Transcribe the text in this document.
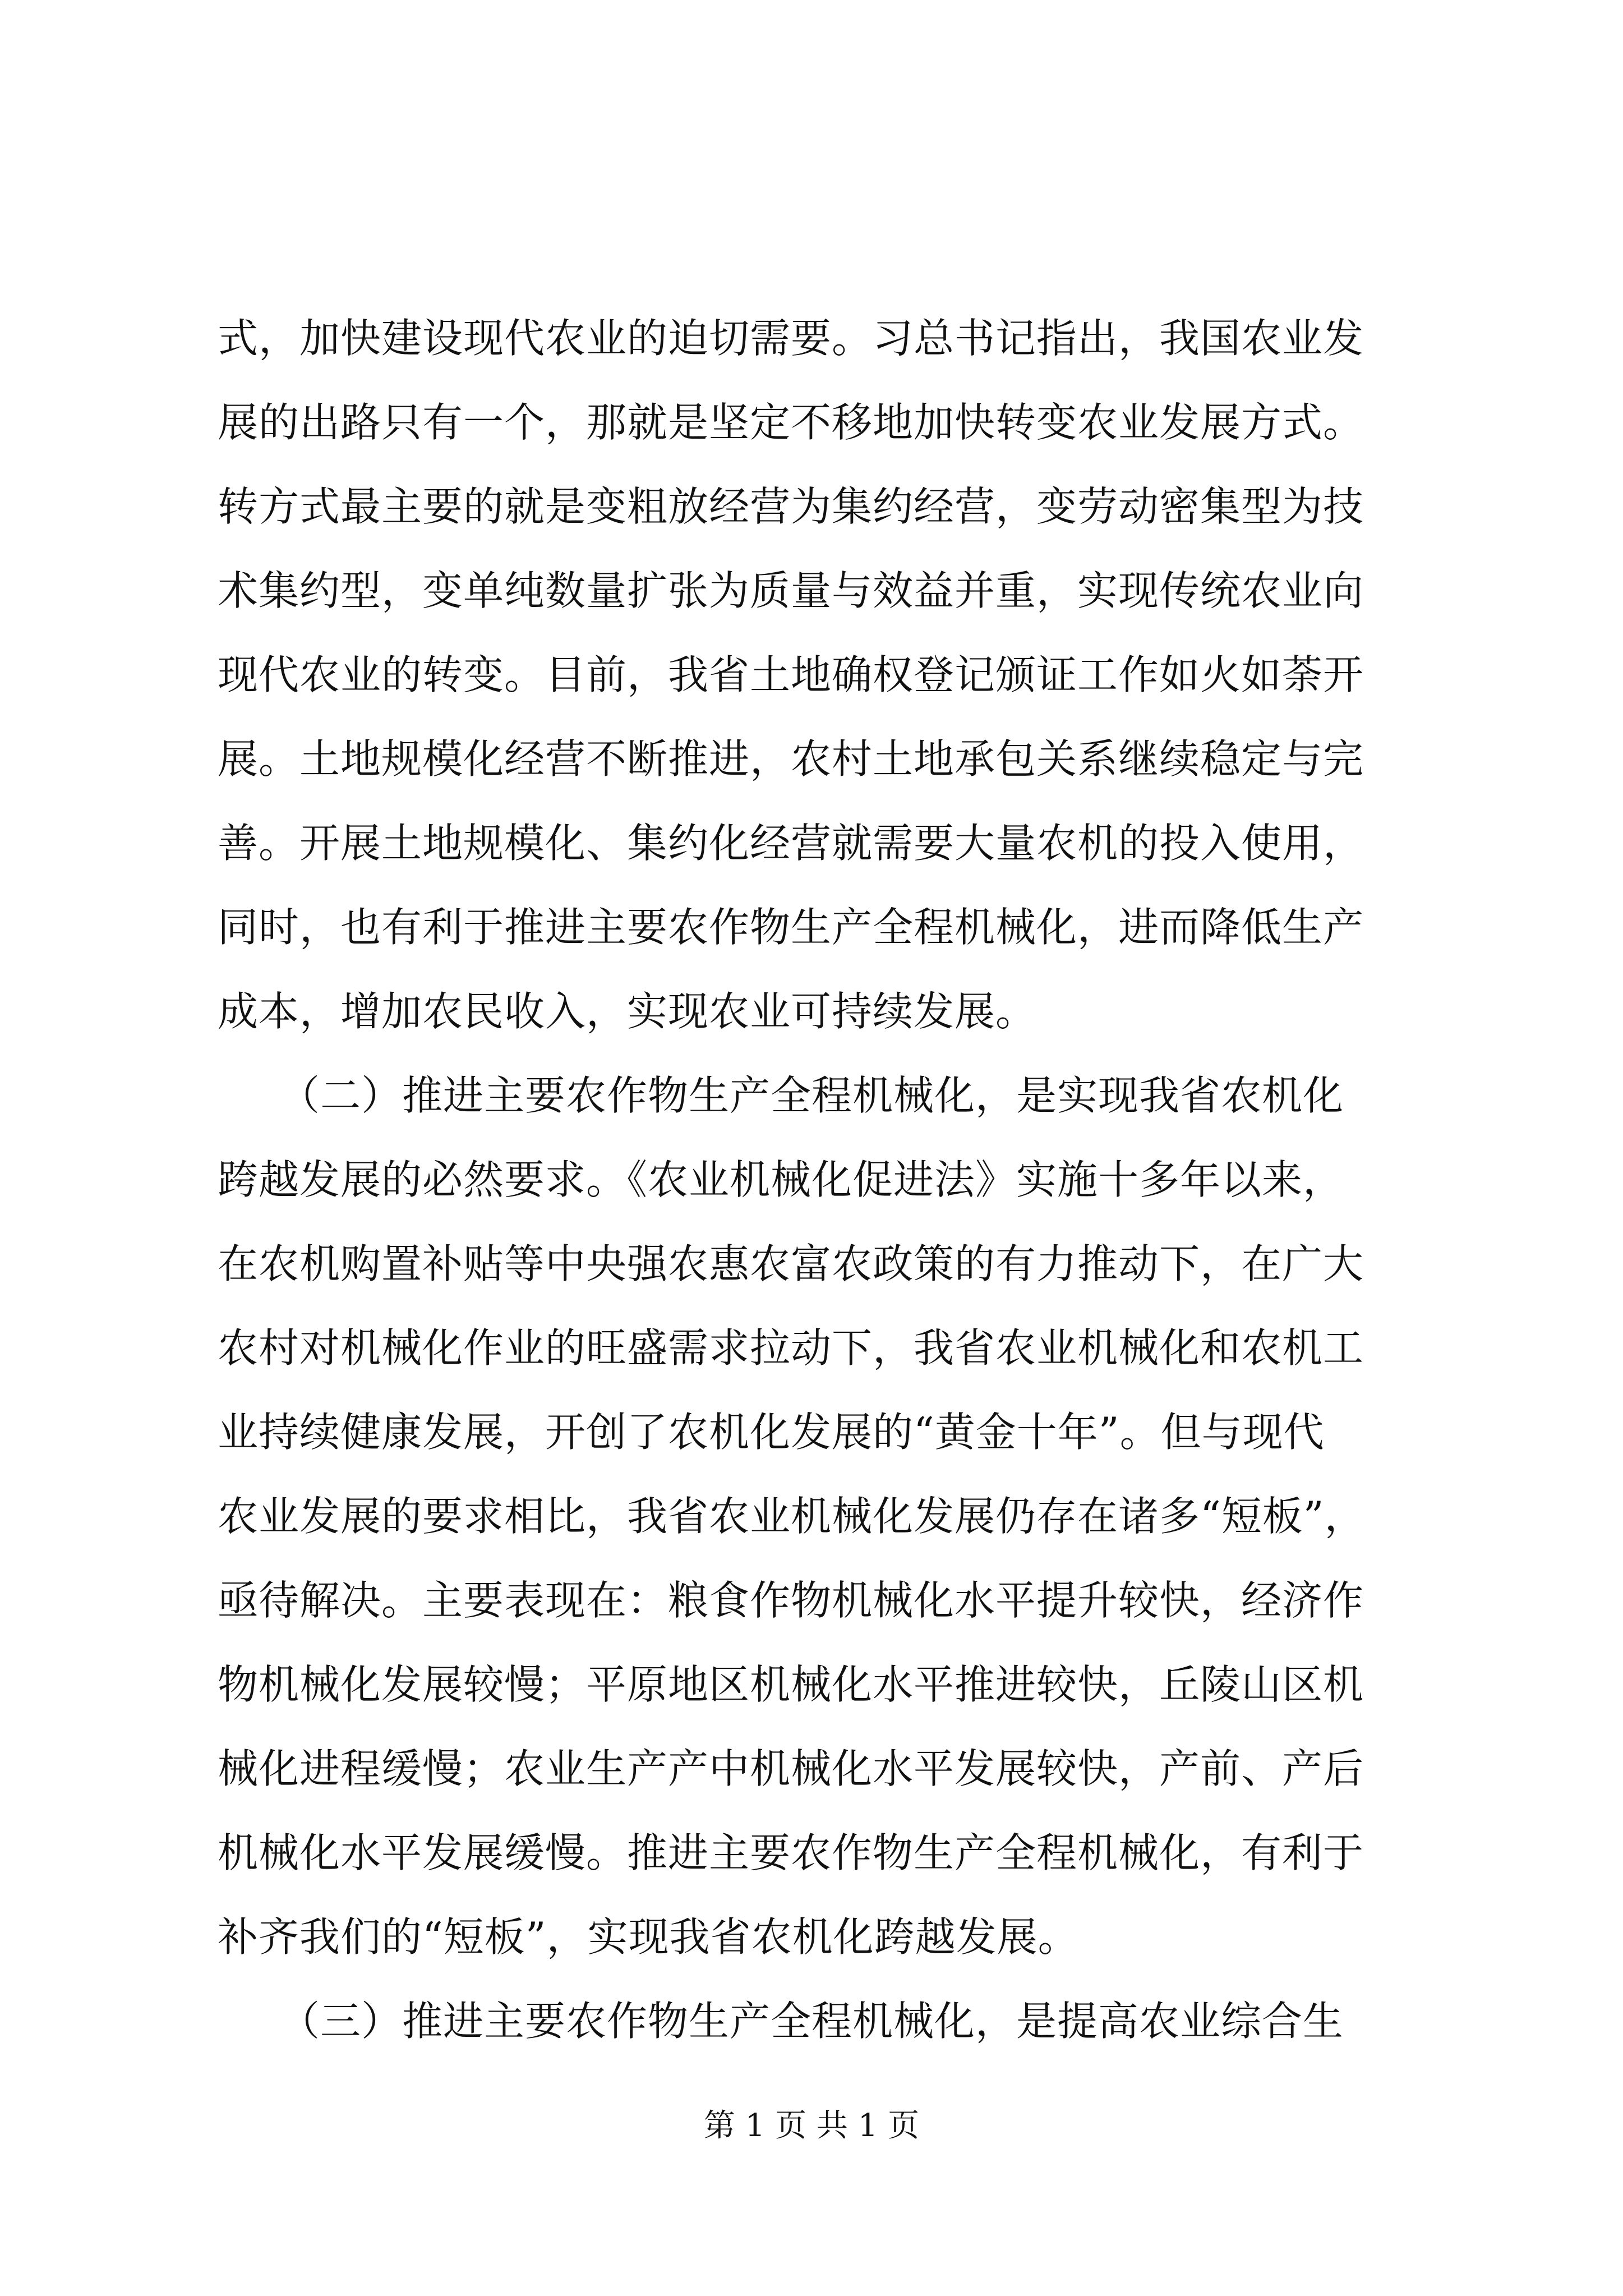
式，加快建设现代农业的迫切需要。习总书记指出，我国农业发
展的出路只有一个，那就是坚定不移地加快转变农业发展方式。
转方式最主要的就是变粗放经营为集约经营，变劳动密集型为技
术集约型，变单纯数量扩张为质量与效益并重，实现传统农业向
现代农业的转变。目前，我省土地确权登记颁证工作如火如荼开
展。土地规模化经营不断推进，农村土地承包关系继续稳定与完
善。开展土地规模化、集约化经营就需要大量农机的投入使用，
同时，也有利于推进主要农作物生产全程机械化，进而降低生产
成本，增加农民收入，实现农业可持续发展。
　　（二）推进主要农作物生产全程机械化，是实现我省农机化
跨越发展的必然要求。《农业机械化促进法》实施十多年以来，
在农机购置补贴等中央强农惠农富农政策的有力推动下，在广大
农村对机械化作业的旺盛需求拉动下，我省农业机械化和农机工
业持续健康发展，开创了农机化发展的“黄金十年”。但与现代
农业发展的要求相比，我省农业机械化发展仍存在诸多“短板”，
亟待解决。主要表现在：粮食作物机械化水平提升较快，经济作
物机械化发展较慢；平原地区机械化水平推进较快，丘陵山区机
械化进程缓慢；农业生产产中机械化水平发展较快，产前、产后
机械化水平发展缓慢。推进主要农作物生产全程机械化，有利于
补齐我们的“短板”，实现我省农机化跨越发展。
　　（三）推进主要农作物生产全程机械化，是提高农业综合生
第 1 页 共 1 页
